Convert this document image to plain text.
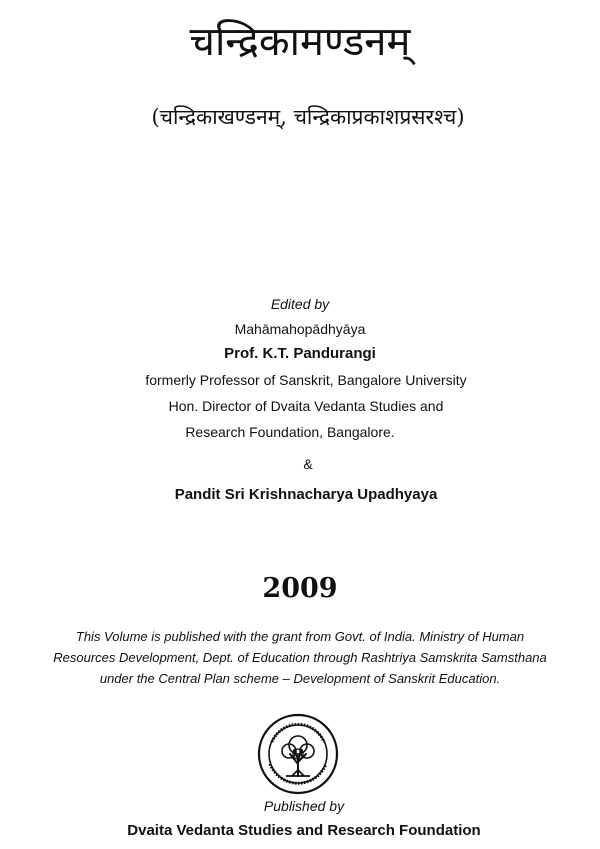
चन्द्रिकामण्डनम्
(चन्द्रिकाखण्डनम्, चन्द्रिकाप्रकाशप्रसरश्च)
Edited by
Mahāmahopādhyāya
Prof. K.T. Pandurangi
formerly Professor of Sanskrit, Bangalore University
Hon. Director of Dvaita Vedanta Studies and
Research Foundation, Bangalore.
&
Pandit Sri Krishnacharya Upadhyaya
2009
This Volume is published with the grant from Govt. of India. Ministry of Human
Resources Development, Dept. of Education through Rashtriya Samskrita Samsthana
under the Central Plan scheme – Development of Sanskrit Education.
Published by
Dvaita Vedanta Studies and Research Foundation
